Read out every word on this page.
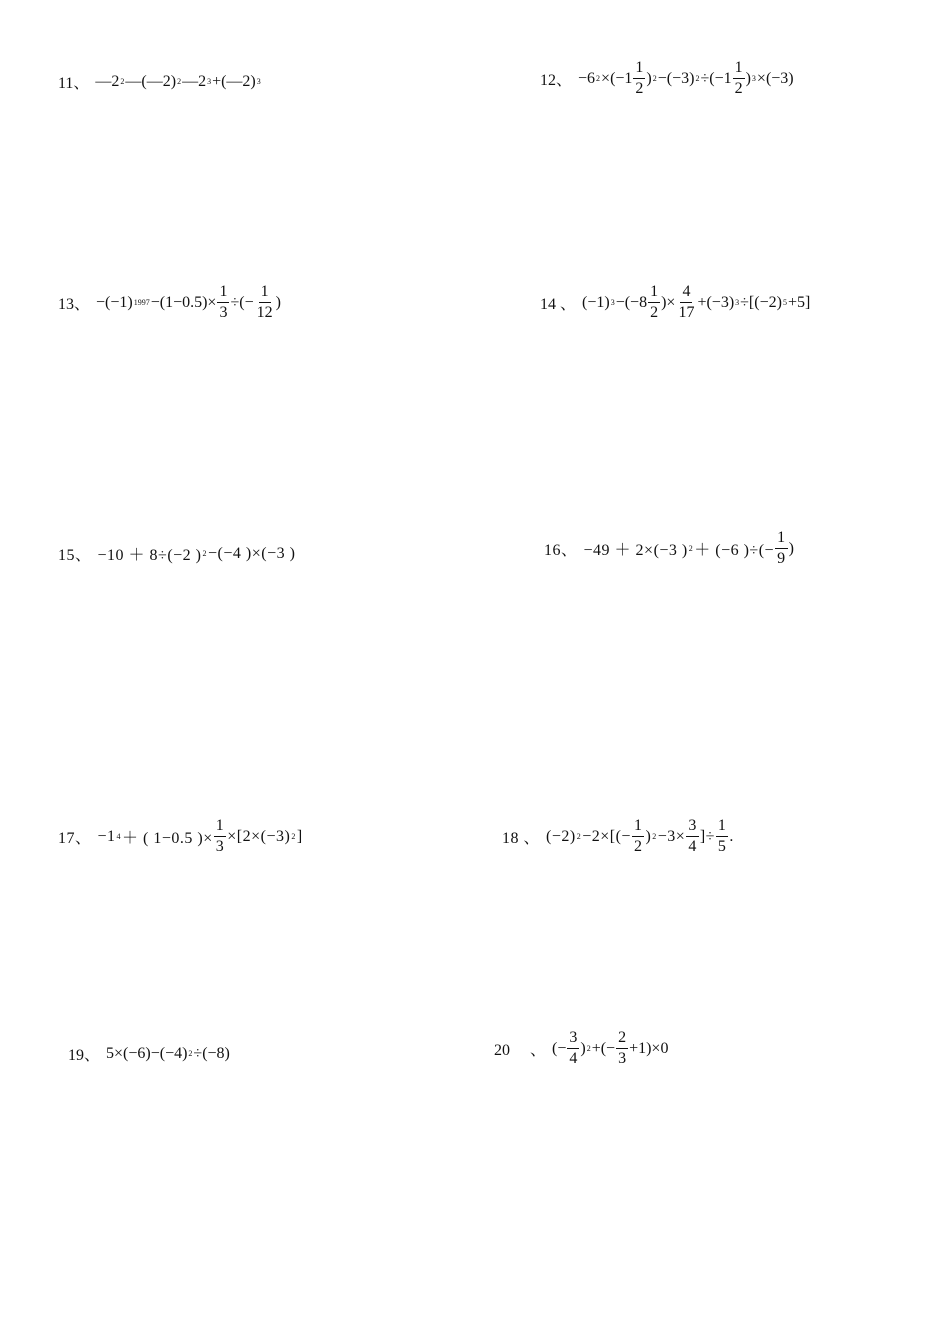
11、 —2 2 —(—2) 2 —2 3 +(—2) 3	12、 −6 $2 \times(-1 \frac{1}{2}$ ) 2 −(−3) $2 \div(-1 \frac{1}{2}$ ) 3 ×(−3)
13、 −(−1) $1997 -(1-0.5)\times \frac{1}{3}$ ÷(− $\frac{1}{12}$ )	14 、 (−1) $3 -(-8 \frac{1}{2}$ )× $\frac{4}{17} +(-3)$ 3 ÷[(−2) 5 +5]
15、 −10 ＋ 8÷(−2 ) 2 −(−4 )×(−3 )	16、 −49 ＋ 2×(−3 ) 2 ＋ (−6 )÷(− $\frac{1}{9}$ )
17、 −1 4 ＋ ( 1−0.5 )× $\frac{1}{3} \times[2\times(-3)$ 2 ]	18 、 (−2) $2 -2\times[(- \frac{1}{2}$ ) $2 -3\times \frac{3}{4}$ ]÷ $\frac{1}{5}$ .
19、 5×(−6)−(−4) 2 ÷(−8)	20　 、 (− $\frac{3}{4}$ ) 2 +(− $\frac{2}{3} +1)\times 0$
